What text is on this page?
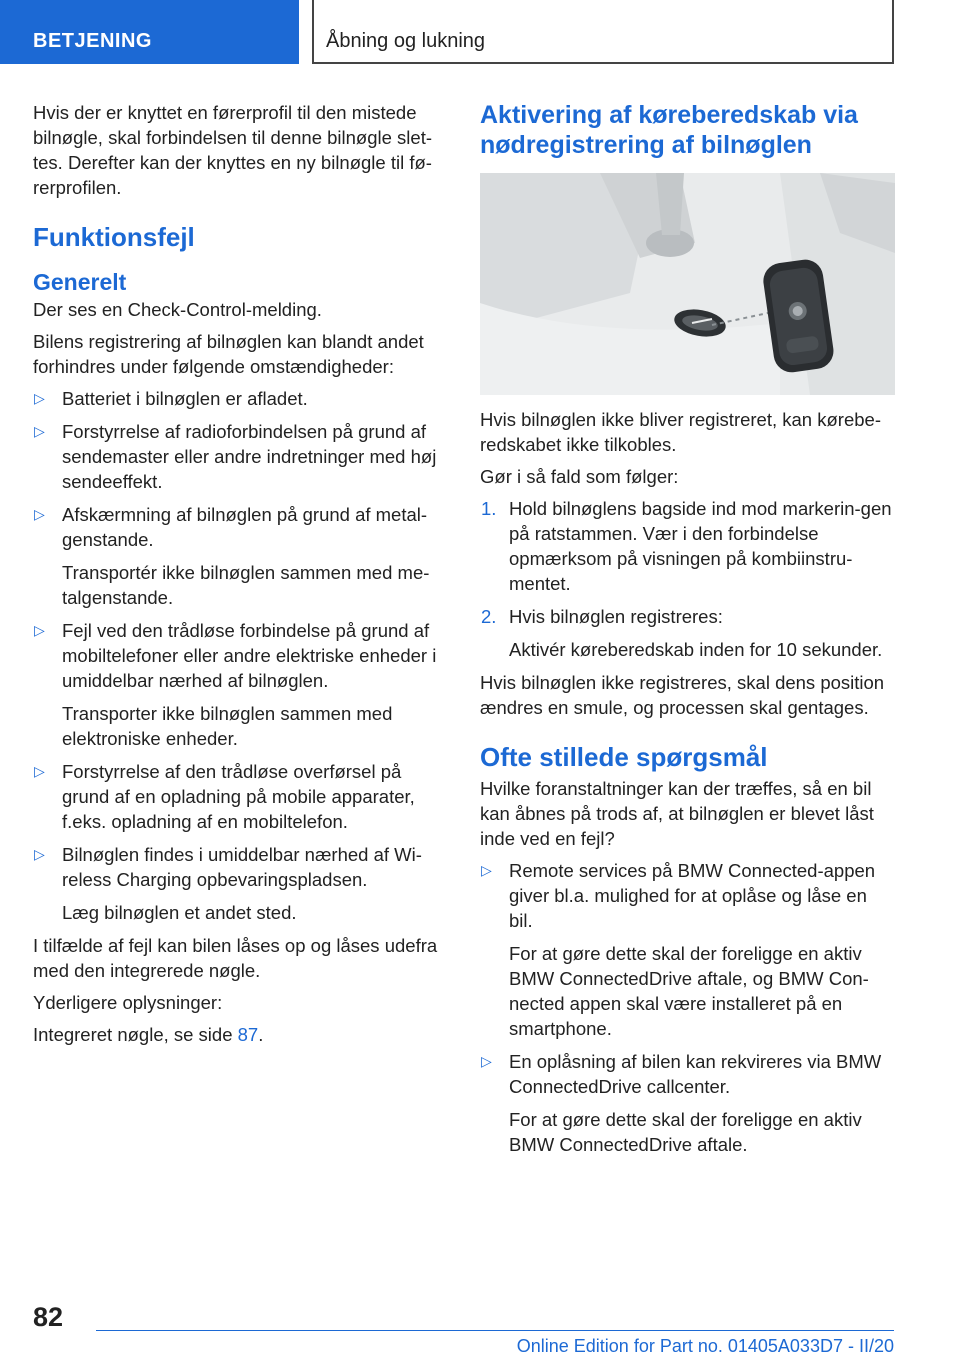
BETJENING	Åbning og lukning

Hvis der er knyttet en førerprofil til den mistede bilnøgle, skal forbindelsen til denne bilnøgle slet-tes. Derefter kan der knyttes en ny bilnøgle til fø-rerprofilen.

Funktionsfejl
Generelt

Der ses en Check-Control-melding.

Bilens registrering af bilnøglen kan blandt andet forhindres under følgende omstændigheder:

▷ Batteriet i bilnøglen er afladet.

▷ Forstyrrelse af radioforbindelsen på grund af sendemaster eller andre indretninger med høj sendeeffekt.

▷ Afskærmning af bilnøglen på grund af metal-genstande.

Transportér ikke bilnøglen sammen med me-talgenstande.

▷ Fejl ved den trådløse forbindelse på grund af mobiltelefoner eller andre elektriske enheder i umiddelbar nærhed af bilnøglen.

Transporter ikke bilnøglen sammen med elektroniske enheder.

▷ Forstyrrelse af den trådløse overførsel på grund af en opladning på mobile apparater, f.eks. opladning af en mobiltelefon.

▷ Bilnøglen findes i umiddelbar nærhed af Wi-reless Charging opbevaringspladsen.

Læg bilnøglen et andet sted.

I tilfælde af fejl kan bilen låses op og låses udefra med den integrerede nøgle.

Yderligere oplysninger:

Integreret nøgle, se side 87.

Aktivering af køreberedskab via nødregistrering af bilnøglen

Hvis bilnøglen ikke bliver registreret, kan kørebe-redskabet ikke tilkobles.

Gør i så fald som følger:

1. Hold bilnøglens bagside ind mod markerin-gen på ratstammen. Vær i den forbindelse opmærksom på visningen på kombiinstru-mentet.

2. Hvis bilnøglen registreres:

Aktivér køreberedskab inden for 10 sekunder.

Hvis bilnøglen ikke registreres, skal dens position ændres en smule, og processen skal gentages.

Ofte stillede spørgsmål

Hvilke foranstaltninger kan der træffes, så en bil kan åbnes på trods af, at bilnøglen er blevet låst inde ved en fejl?

▷ Remote services på BMW Connected-appen giver bl.a. mulighed for at oplåse og låse en bil.

For at gøre dette skal der foreligge en aktiv BMW ConnectedDrive aftale, og BMW Con-nected appen skal være installeret på en smartphone.

▷ En oplåsning af bilen kan rekvireres via BMW ConnectedDrive callcenter.

For at gøre dette skal der foreligge en aktiv BMW ConnectedDrive aftale.

82
Online Edition for Part no. 01405A033D7 - II/20
